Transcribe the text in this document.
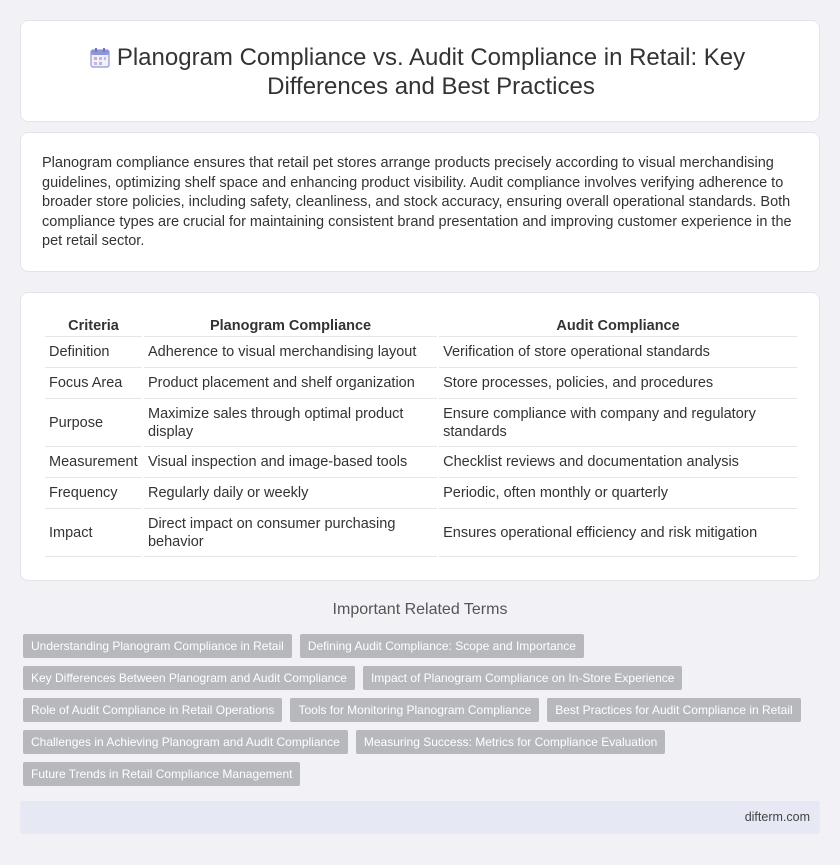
Planogram Compliance vs. Audit Compliance in Retail: Key Differences and Best Practices

Planogram compliance ensures that retail pet stores arrange products precisely according to visual merchandising guidelines, optimizing shelf space and enhancing product visibility. Audit compliance involves verifying adherence to broader store policies, including safety, cleanliness, and stock accuracy, ensuring overall operational standards. Both compliance types are crucial for maintaining consistent brand presentation and improving customer experience in the pet retail sector.

Criteria	Planogram Compliance	Audit Compliance
Definition	Adherence to visual merchandising layout	Verification of store operational standards
Focus Area	Product placement and shelf organization	Store processes, policies, and procedures
Purpose	Maximize sales through optimal product display	Ensure compliance with company and regulatory standards
Measurement	Visual inspection and image-based tools	Checklist reviews and documentation analysis
Frequency	Regularly daily or weekly	Periodic, often monthly or quarterly
Impact	Direct impact on consumer purchasing behavior	Ensures operational efficiency and risk mitigation
Important Related Terms
Understanding Planogram Compliance in Retail	Defining Audit Compliance: Scope and Importance
Key Differences Between Planogram and Audit Compliance	Impact of Planogram Compliance on In-Store Experience
Role of Audit Compliance in Retail Operations	Tools for Monitoring Planogram Compliance	Best Practices for Audit Compliance in Retail
Challenges in Achieving Planogram and Audit Compliance	Measuring Success: Metrics for Compliance Evaluation
Future Trends in Retail Compliance Management
difterm.com
